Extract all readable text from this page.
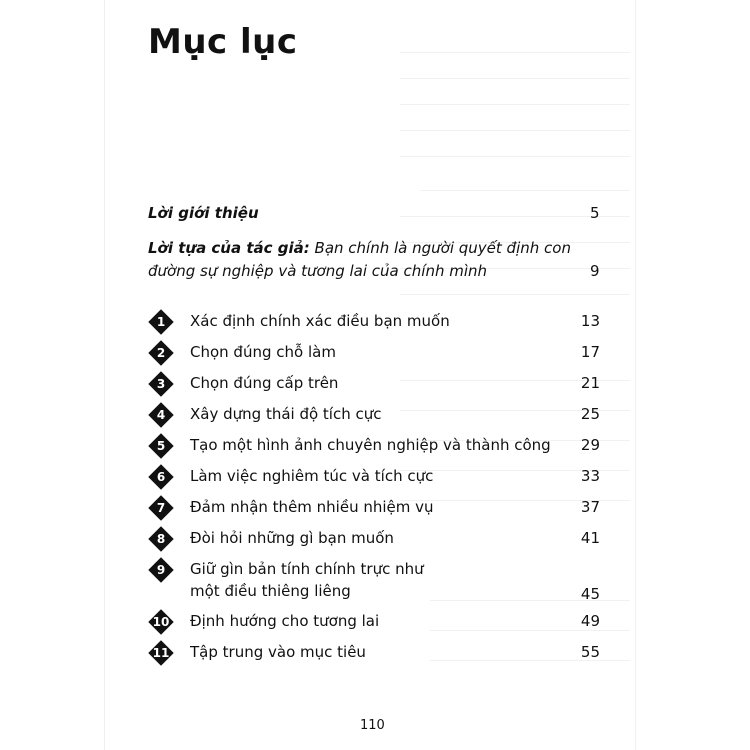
Mục lục
Lời giới thiệu	5
Lời tựa của tác giả: Bạn chính là người quyết định con
đường sự nghiệp và tương lai của chính mình	9
1	Xác định chính xác điều bạn muốn	13
2	Chọn đúng chỗ làm	17
3	Chọn đúng cấp trên	21
4	Xây dựng thái độ tích cực	25
5	Tạo một hình ảnh chuyên nghiệp và thành công 29
6	Làm việc nghiêm túc và tích cực	33
7	Đảm nhận thêm nhiều nhiệm vụ	37
8	Đòi hỏi những gì bạn muốn	41
9	Giữ gìn bản tính chính trực như
một điều thiêng liêng	45
10	Định hướng cho tương lai	49
11	Tập trung vào mục tiêu	55
110
